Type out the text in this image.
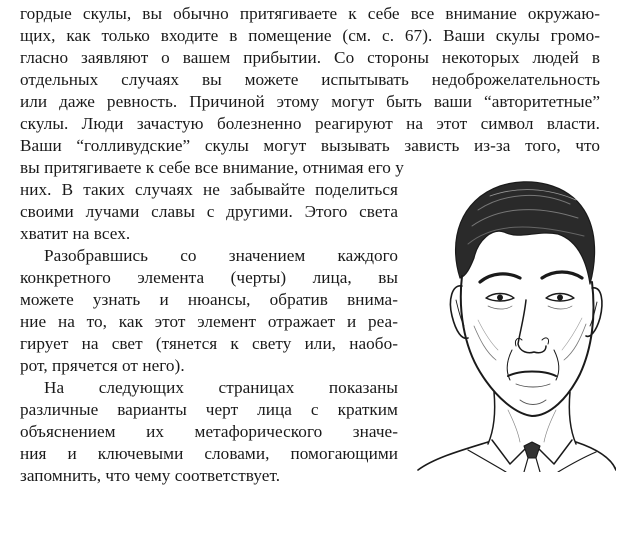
гордые скулы, вы обычно притягиваете к себе все внимание окружаю-
щих, как только входите в помещение (см. с. 67). Ваши скулы громо-
гласно заявляют о вашем прибытии. Со стороны некоторых людей в
отдельных случаях вы можете испытывать недоброжелательность
или даже ревность. Причиной этому могут быть ваши “авторитетные”
скулы. Люди зачастую болезненно реагируют на этот символ власти.
Ваши “голливудские” скулы могут вызывать зависть из-за того, что
вы притягиваете к себе все внимание, отнимая его у
них. В таких случаях не забывайте поделиться
своими лучами славы с другими. Этого света
хватит на всех.
Разобравшись со значением каждого
конкретного элемента (черты) лица, вы
можете узнать и нюансы, обратив внима-
ние на то, как этот элемент отражает и реа-
гирует на свет (тянется к свету или, наобо-
рот, прячется от него).
На следующих страницах показаны
различные варианты черт лица с кратким
объяснением их метафорического значе-
ния и ключевыми словами, помогающими
запомнить, что чему соответствует.
